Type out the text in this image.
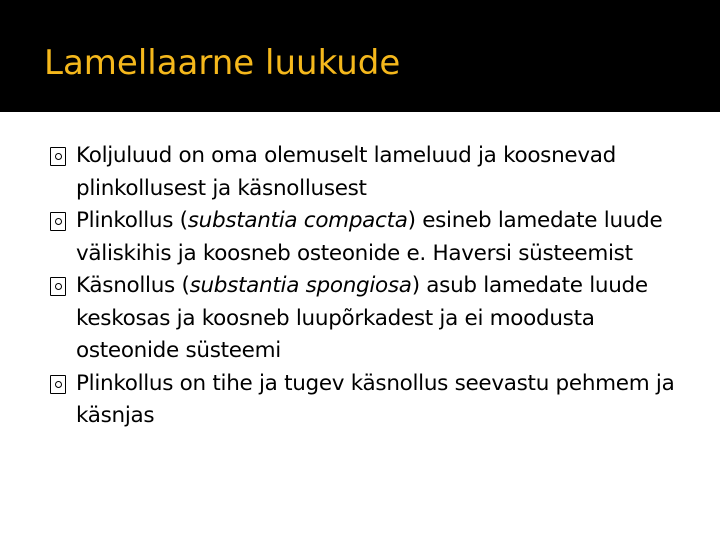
Lamellaarne luukude
Koljuluud on oma olemuselt lameluud ja koosnevad plinkollusest ja käsnollusest
Plinkollus (substantia compacta) esineb lamedate luude väliskihis ja koosneb osteonide e. Haversi süsteemist
Käsnollus (substantia spongiosa) asub lamedate luude keskosas ja koosneb luupõrkadest ja ei moodusta osteonide süsteemi
Plinkollus on tihe ja tugev käsnollus seevastu pehmem ja käsnjas
